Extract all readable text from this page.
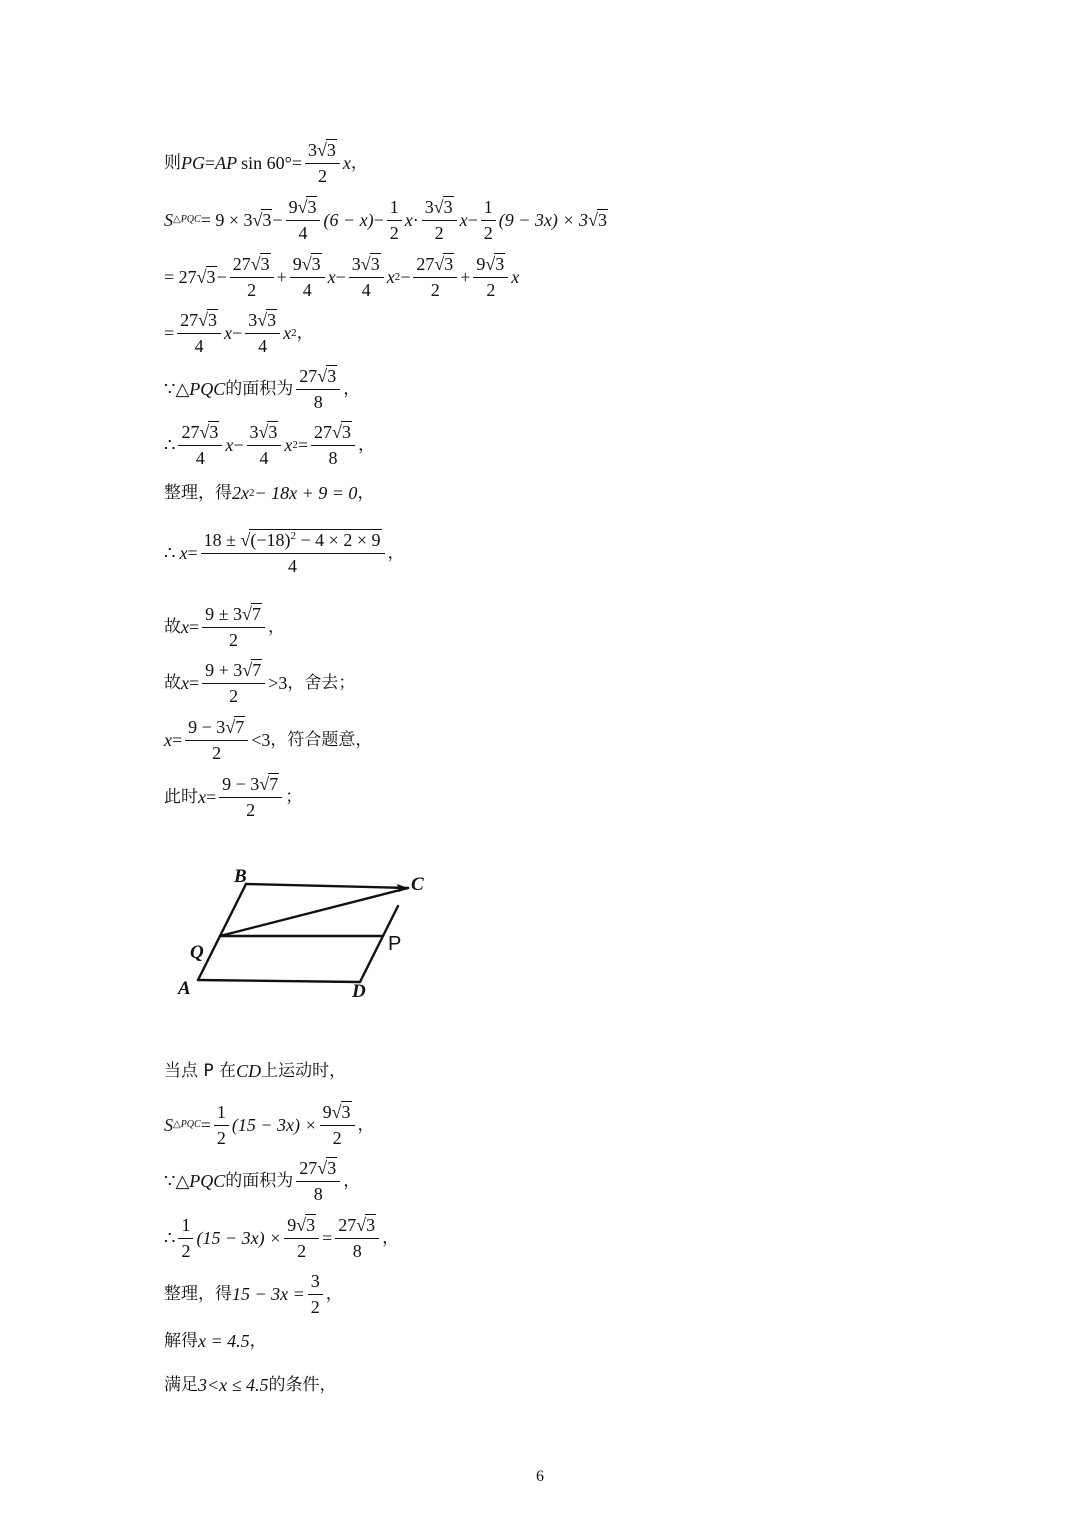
则 PG = AP $\sin 60^\circ = \frac{3√3}{2}$ x ，
S △PQC = 9 × 3 $√3 - \frac{9√3}{4} (6 - x) - \frac{1}{2}$ $x \cdot \frac{3√3}{2}$ $x - \frac{1}{2} (9 - 3x) \times 3$ √3
= 27 $√3 - \frac{27√3}{2} + \frac{9√3}{4}$ $x - \frac{3√3}{4}$ x $2 - \frac{27√3}{2} + \frac{9√3}{2}$ x
= $\frac{27√3}{4}$ $x - \frac{3√3}{4}$ x 2 ，
∵ △PQC 的面积为 $\frac{27√3}{8}$ ，
∴ $\frac{27√3}{4}$ $x - \frac{3√3}{4}$ x $2 = \frac{27√3}{8}$ ，
整理，得 2x 2 − 18x + 9 = 0 ，
∴ $x = \frac{18 \pm √(-18)^2 - 4 \times 2 \times 9}{4}$ ，
故 $x = \frac{9 \pm 3√7}{2}$ ，
故 $x = \frac{9 + 3√7}{2} >3$ ，舍去；
$x = \frac{9 - 3√7}{2} <3$ ，符合题意，
此时 $x = \frac{9 - 3√7}{2}$ ；
B	C
Q
A	D
P
当点 P 在 CD 上运动时，
S △PQC = $\frac{1}{2} (15 - 3x) \times \frac{9√3}{2}$ ，
∵ △PQC 的面积为 $\frac{27√3}{8}$ ，
∴ $\frac{1}{2} (15 - 3x) \times \frac{9√3}{2} = \frac{27√3}{8}$ ，
整理，得 $15 - 3x = \frac{3}{2}$ ，
解得 x = 4.5 ，
满足 3<x ≤ 4.5 的条件，
6
